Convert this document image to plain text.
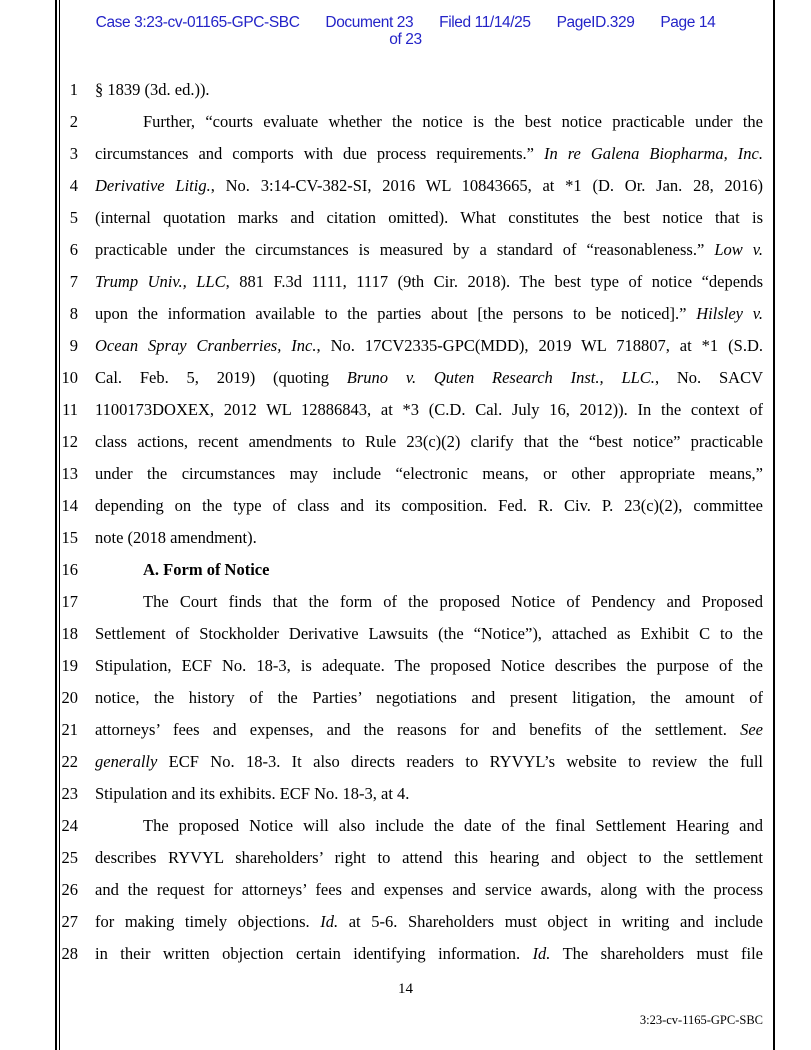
Case 3:23-cv-01165-GPC-SBC Document 23 Filed 11/14/25 PageID.329 Page 14
of 23
1 § 1839 (3d. ed.)).
2	Further, “courts evaluate whether the notice is the best notice practicable under the
3 circumstances and comports with due process requirements.” In re Galena Biopharma, Inc.
4 Derivative Litig., No. 3:14-CV-382-SI, 2016 WL 10843665, at *1 (D. Or. Jan. 28, 2016)
5 (internal quotation marks and citation omitted). What constitutes the best notice that is
6 practicable under the circumstances is measured by a standard of “reasonableness.” Low v.
7 Trump Univ., LLC, 881 F.3d 1111, 1117 (9th Cir. 2018). The best type of notice “depends
8 upon the information available to the parties about [the persons to be noticed].” Hilsley v.
9 Ocean Spray Cranberries, Inc., No. 17CV2335-GPC(MDD), 2019 WL 718807, at *1 (S.D.
10 Cal. Feb. 5, 2019) (quoting Bruno v. Quten Research Inst., LLC., No. SACV
11 1100173DOXEX, 2012 WL 12886843, at *3 (C.D. Cal. July 16, 2012)). In the context of
12 class actions, recent amendments to Rule 23(c)(2) clarify that the “best notice” practicable
13 under the circumstances may include “electronic means, or other appropriate means,”
14 depending on the type of class and its composition. Fed. R. Civ. P. 23(c)(2), committee
15 note (2018 amendment).
16	A. Form of Notice
17	The Court finds that the form of the proposed Notice of Pendency and Proposed
18 Settlement of Stockholder Derivative Lawsuits (the “Notice”), attached as Exhibit C to the
19 Stipulation, ECF No. 18-3, is adequate. The proposed Notice describes the purpose of the
20 notice, the history of the Parties’ negotiations and present litigation, the amount of
21 attorneys’ fees and expenses, and the reasons for and benefits of the settlement. See
22 generally ECF No. 18-3. It also directs readers to RYVYL’s website to review the full
23 Stipulation and its exhibits. ECF No. 18-3, at 4.
24	The proposed Notice will also include the date of the final Settlement Hearing and
25 describes RYVYL shareholders’ right to attend this hearing and object to the settlement
26 and the request for attorneys’ fees and expenses and service awards, along with the process
27 for making timely objections. Id. at 5-6. Shareholders must object in writing and include
28 in their written objection certain identifying information. Id. The shareholders must file
14
3:23-cv-1165-GPC-SBC
